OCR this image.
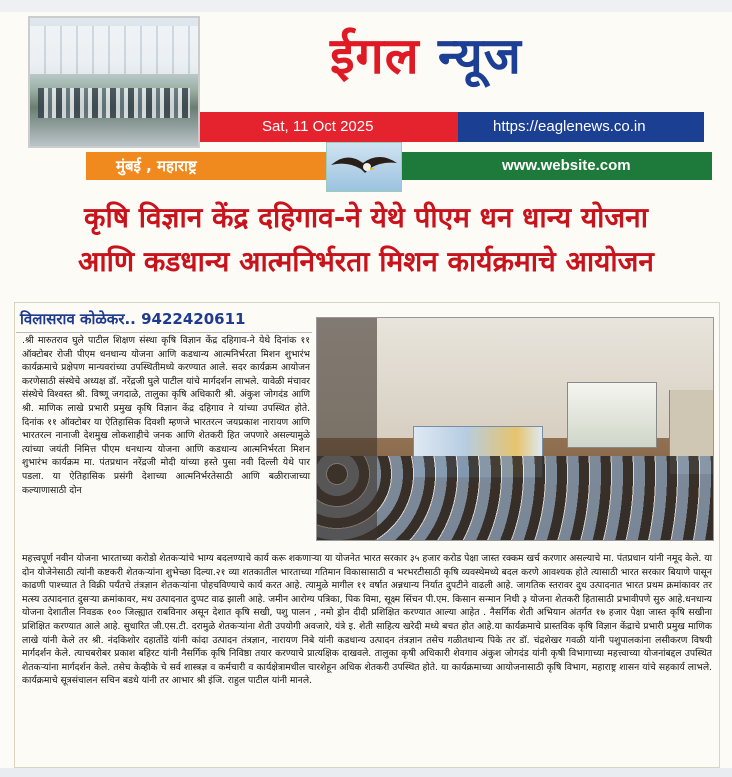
ईगल न्यूज
Sat, 11 Oct 2025	https://eaglenews.co.in
मुंबई , महाराष्ट्र	www.website.com
कृषि विज्ञान केंद्र दहिगाव-ने येथे पीएम धन धान्य योजना
आणि कडधान्य आत्मनिर्भरता मिशन कार्यक्रमाचे आयोजन
विलासराव कोळेकर.. 9422420611
.श्री मारुतराव घुले पाटील शिक्षण संस्था कृषि विज्ञान केंद्र दहिगाव-ने येथे दिनांक ११ ऑक्टोबर रोजी पीएम धनधान्य योजना आणि कडधान्य आत्मनिर्भरता मिशन शुभारंभ कार्यक्रमाचे प्रक्षेपण मान्यवरांच्या उपस्थितीमध्ये करण्यात आले. सदर कार्यक्रम आयोजन करणेसाठी संस्थेचे अध्यक्ष डॉ. नरेंद्रजी घुले पाटील यांचे मार्गदर्शन लाभले. यावेळी मंचावर संस्थेचे विश्वस्त श्री. विष्णू जगदाळे, तालुका कृषि अधिकारी श्री. अंकुश जोगदंड आणि श्री. माणिक लाखे प्रभारी प्रमुख कृषि विज्ञान केंद्र दहिगाव ने यांच्या उपस्थित होते. दिनांक ११ ऑक्टोबर या ऐतिहासिक दिवशी म्हणजे भारतरत्न जयप्रकाश नारायण आणि भारतरत्न नानाजी देशमुख लोकशाहीचे जनक आणि शेतकरी हित जपणारे असल्यामुळे त्यांच्या जयंती निमित्त पीएम धनधान्य योजना आणि कडधान्य आत्मनिर्भरता मिशन शुभारंभ कार्यक्रम मा. पंतप्रधान नरेंद्रजी मोदी यांच्या हस्ते पुसा नवी दिल्ली येथे पार पडला. या ऐतिहासिक प्रसंगी देशाच्या आत्मनिर्भरतेसाठी आणि बळीराजाच्या कल्याणासाठी दोन
महत्त्वपूर्ण नवीन योजना भारताच्या करोडो शेतकऱ्यांचे भाग्य बदलण्याचे कार्य करू शकणाऱ्या या योजनेत भारत सरकार ३५ हजार करोड पेक्षा जास्त रक्कम खर्च करणार असल्याचे मा. पंतप्रधान यांनी नमूद केले. या दोन योजेनेसाठी त्यांनी कष्टकरी शेतकऱ्यांना शुभेच्छा दिल्या.२१ व्या शतकातील भारताच्या गतिमान विकासासाठी व भरभरटीसाठी कृषि व्यवस्थेमध्ये बदल करणे आवश्यक होते त्यासाठी भारत सरकार बियाणे पासून काढणी पाश्च्यात ते विक्री पर्यंतचे तंत्रज्ञान शेतकऱ्यांना पोहचविण्याचे कार्य करत आहे. त्यामुळे मागील ११ वर्षात अन्नधान्य निर्यात दुपटीने वाढली आहे. जागतिक स्तरावर दुध उत्पादनात भारत प्रथम क्रमांकावर तर मत्स्य उत्पादनात दुसऱ्या क्रमांकावर, मध उत्पादनात दुप्पट वाढ झाली आहे. जमीन आरोग्य पत्रिका, पिक विमा, सूक्ष्म सिंचन पी.एम. किसान सन्मान निधी ३ योजना शेतकरी हितासाठी प्रभावीपणे सुरु आहे.धनधान्य योजना देशातील निवडक १०० जिल्ह्यात राबविनार असून देशात कृषि सखी, पशु पालन , नमो ड्रोन दीदी प्रशिक्षित करण्यात आल्या आहेत . नैसर्गिक शेती अभियान अंतर्गत १७ हजार पेक्षा जास्त कृषि सखीना प्रशिक्षित करण्यात आले आहे. सुधारित जी.एस.टी. दरामुळे शेतकऱ्यांना शेती उपयोगी अवजारे, यंत्रे इ. शेती साहित्य खरेदी मध्ये बचत होत आहे.या कार्यक्रमाचे प्रास्तविक कृषि विज्ञान केंद्राचे प्रभारी प्रमुख माणिक लाखे यांनी केले तर श्री. नंदकिशोर दहातोंडे यांनी कांदा उत्पादन तंत्रज्ञान, नारायण निबे यांनी कडधान्य उत्पादन तंत्रज्ञान तसेच गळीतधान्य पिके तर डॉ. चंद्रशेखर गवळी यांनी पशुपालकांना लसीकरण विषयी मार्गदर्शन केले. त्याचबरोबर प्रकाश बहिरट यांनी नैसर्गिक कृषि निविष्ठा तयार करण्याचे प्रात्यक्षिक दाखवले. तालुका कृषी अधिकारी शेवगाव अंकुश जोगदंड यांनी कृषी विभागाच्या महत्त्वाच्या योजनांबद्दल उपस्थित शेतकऱ्यांना मार्गदर्शन केले. तसेच केव्हीके चे सर्व शास्त्रज्ञ व कर्मचारी व कार्यक्षेत्रामधील चारशेहून अधिक शेतकरी उपस्थित होते. या कार्यक्रमाच्या आयोजनासाठी कृषि विभाग, महाराष्ट्र शासन यांचे सहकार्य लाभले. कार्यक्रमाचे सूत्रसंचालन सचिन बडधे यांनी तर आभार श्री इंजि. राहुल पाटील यांनी मानले.
